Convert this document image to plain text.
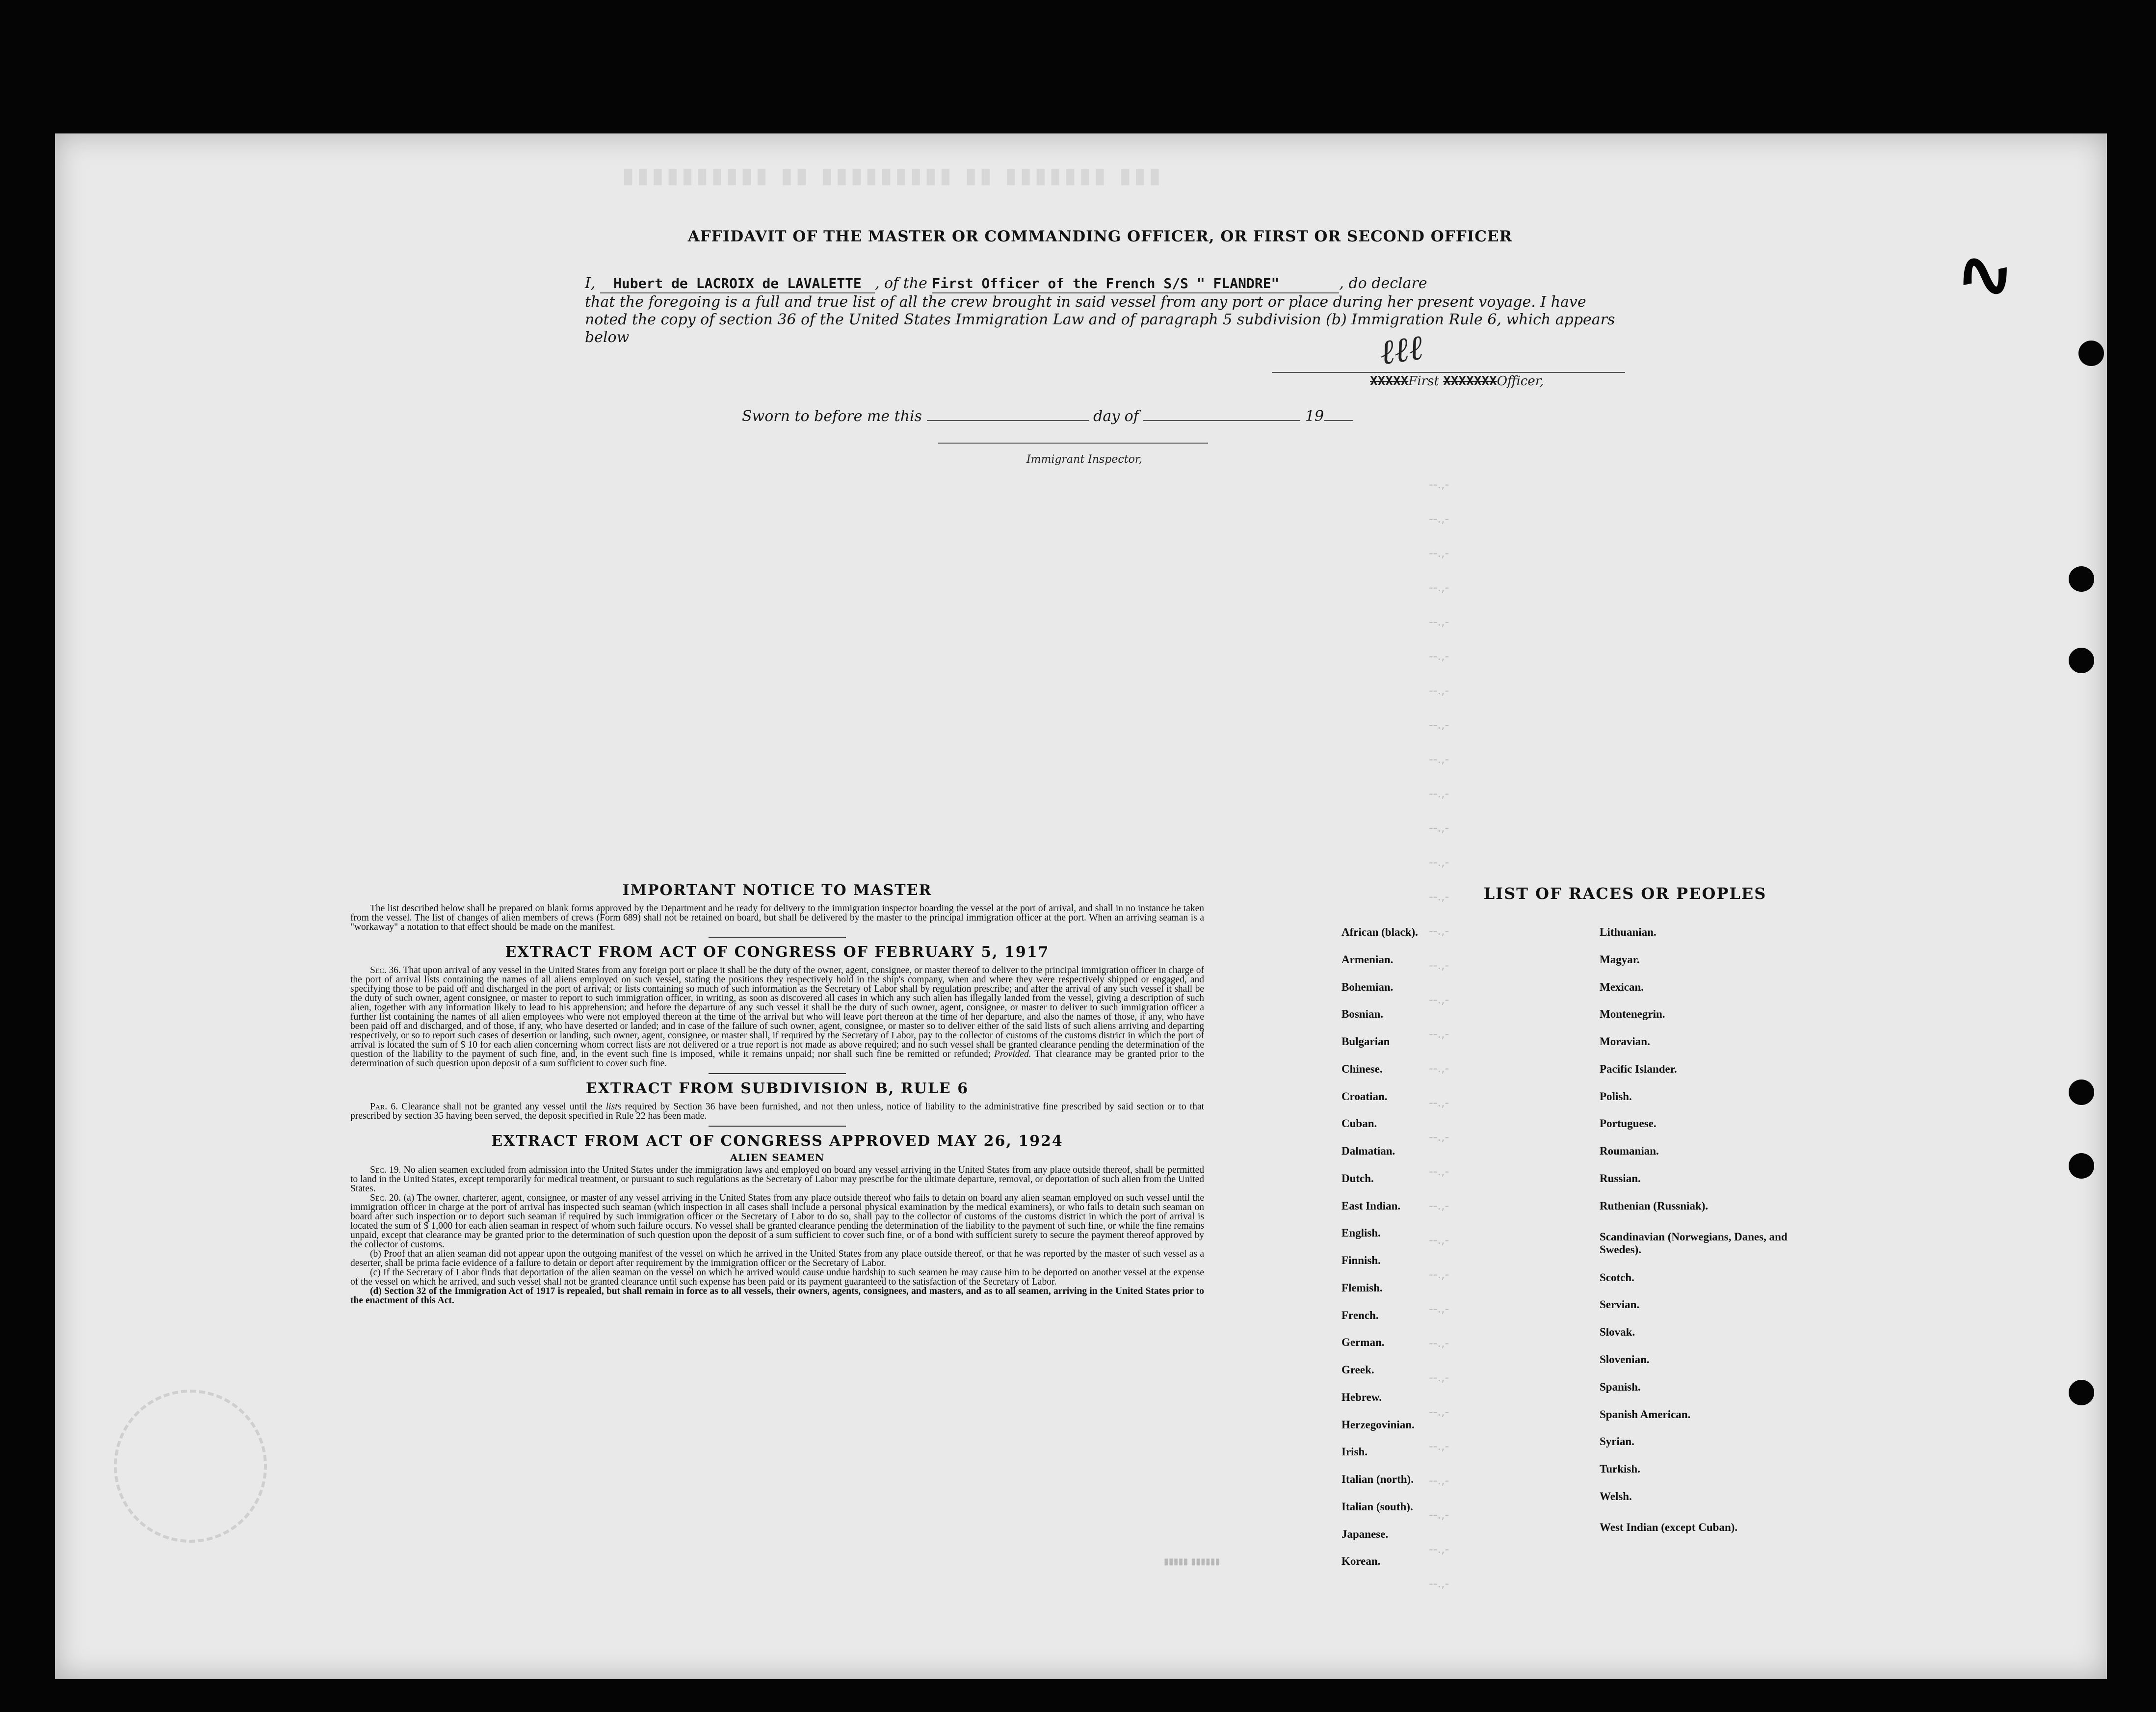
▮▮▮ ▮▮▮▮▮▮▮ ▮▮ ▮▮▮▮▮▮▮▮▮ ▮▮ ▮▮▮▮▮▮▮▮▮▮
AFFIDAVIT OF THE MASTER OR COMMANDING OFFICER, OR FIRST OR SECOND OFFICER
I, Hubert de LACROIX de LAVALETTE , of the First Officer of the French S/S " FLANDRE"	, do declare
that the foregoing is a full and true list of all the crew brought in said vessel from any port or place during her present voyage. I have noted the copy of section 36 of the United States Immigration Law and of paragraph 5 subdivision (b) Immigration Rule 6, which appears below	ℓℓℓ
XXXXXFirst XXXXXXXOfficer,
Sworn to before me this	day of	19
Immigrant Inspector,
--.,-
--.,-
--.,-
--.,-
--.,-
--.,-
--.,-
--.,-
--.,-
--.,-
--.,-
--.,-
--.,-
--.,-
--.,-
--.,-
--.,-
--.,-
--.,-
--.,-
--.,-
--.,-
--.,-
--.,-
--.,-
--.,-
--.,-
--.,-
--.,-
--.,-
--.,-
--.,-
--.,-

IMPORTANT NOTICE TO MASTER

The list described below shall be prepared on blank forms approved by the Department and be ready for delivery to the immigration inspector boarding the vessel at the port of arrival, and shall in no instance be taken from the vessel. The list of changes of alien members of crews (Form 689) shall not be retained on board, but shall be delivered by the master to the principal immigration officer at the port. When an arriving seaman is a "workaway" a notation to that effect should be made on the manifest.

EXTRACT FROM ACT OF CONGRESS OF FEBRUARY 5, 1917

Sec. 36. That upon arrival of any vessel in the United States from any foreign port or place it shall be the duty of the owner, agent, consignee, or master thereof to deliver to the principal immigration officer in charge of the port of arrival lists containing the names of all aliens employed on such vessel, stating the positions they respectively hold in the ship's company, when and where they were respectively shipped or engaged, and specifying those to be paid off and discharged in the port of arrival; or lists containing so much of such information as the Secretary of Labor shall by regulation prescribe; and after the arrival of any such vessel it shall be the duty of such owner, agent consignee, or master to report to such immigration officer, in writing, as soon as discovered all cases in which any such alien has illegally landed from the vessel, giving a description of such alien, together with any information likely to lead to his apprehension; and before the departure of any such vessel it shall be the duty of such owner, agent, consignee, or master to deliver to such immigration officer a further list containing the names of all alien employees who were not employed thereon at the time of the arrival but who will leave port thereon at the time of her departure, and also the names of those, if any, who have been paid off and discharged, and of those, if any, who have deserted or landed; and in case of the failure of such owner, agent, consignee, or master so to deliver either of the said lists of such aliens arriving and departing respectively, or so to report such cases of desertion or landing, such owner, agent, consignee, or master shall, if required by the Secretary of Labor, pay to the collector of customs of the customs district in which the port of arrival is located the sum of $ 10 for each alien concerning whom correct lists are not delivered or a true report is not made as above required; and no such vessel shall be granted clearance pending the determination of the question of the liability to the payment of such fine, and, in the event such fine is imposed, while it remains unpaid; nor shall such fine be remitted or refunded; Provided. That clearance may be granted prior to the determination of such question upon deposit of a sum sufficient to cover such fine.

EXTRACT FROM SUBDIVISION B, RULE 6

Par. 6. Clearance shall not be granted any vessel until the lists required by Section 36 have been furnished, and not then unless, notice of liability to the administrative fine prescribed by said section or to that prescribed by section 35 having been served, the deposit specified in Rule 22 has been made.

EXTRACT FROM ACT OF CONGRESS APPROVED MAY 26, 1924

ALIEN SEAMEN

Sec. 19. No alien seamen excluded from admission into the United States under the immigration laws and employed on board any vessel arriving in the United States from any place outside thereof, shall be permitted to land in the United States, except temporarily for medical treatment, or pursuant to such regulations as the Secretary of Labor may prescribe for the ultimate departure, removal, or deportation of such alien from the United States.

Sec. 20. (a) The owner, charterer, agent, consignee, or master of any vessel arriving in the United States from any place outside thereof who fails to detain on board any alien seaman employed on such vessel until the immigration officer in charge at the port of arrival has inspected such seaman (which inspection in all cases shall include a personal physical examination by the medical examiners), or who fails to detain such seaman on board after such inspection or to deport such seaman if required by such immigration officer or the Secretary of Labor to do so, shall pay to the collector of customs of the customs district in which the port of arrival is located the sum of $ 1,000 for each alien seaman in respect of whom such failure occurs. No vessel shall be granted clearance pending the determination of the liability to the payment of such fine, or while the fine remains unpaid, except that clearance may be granted prior to the determination of such question upon the deposit of a sum sufficient to cover such fine, or of a bond with sufficient surety to secure the payment thereof approved by the collector of customs.

(b) Proof that an alien seaman did not appear upon the outgoing manifest of the vessel on which he arrived in the United States from any place outside thereof, or that he was reported by the master of such vessel as a deserter, shall be prima facie evidence of a failure to detain or deport after requirement by the immigration officer or the Secretary of Labor.

(c) If the Secretary of Labor finds that deportation of the alien seaman on the vessel on which he arrived would cause undue hardship to such seamen he may cause him to be deported on another vessel at the expense of the vessel on which he arrived, and such vessel shall not be granted clearance until such expense has been paid or its payment guaranteed to the satisfaction of the Secretary of Labor.

(d) Section 32 of the Immigration Act of 1917 is repealed, but shall remain in force as to all vessels, their owners, agents, consignees, and masters, and as to all seamen, arriving in the United States prior to the enactment of this Act.

LIST OF RACES OR PEOPLES
African (black).
Armenian.
Bohemian.
Bosnian.
Bulgarian
Chinese.
Croatian.
Cuban.
Dalmatian.
Dutch.
East Indian.
English.
Finnish.
Flemish.
French.
German.
Greek.
Hebrew.
Herzegovinian.
Irish.
Italian (north).
Italian (south).
Japanese.
Korean.
Lithuanian.
Magyar.
Mexican.
Montenegrin.
Moravian.
Pacific Islander.
Polish.
Portuguese.
Roumanian.
Russian.
Ruthenian (Russniak).
Scandinavian (Norwegians, Danes, and Swedes).
Scotch.
Servian.
Slovak.
Slovenian.
Spanish.
Spanish American.
Syrian.
Turkish.
Welsh.
West Indian (except Cuban).
▮▮▮▮▮ ▮▮▮▮▮▮
∿
